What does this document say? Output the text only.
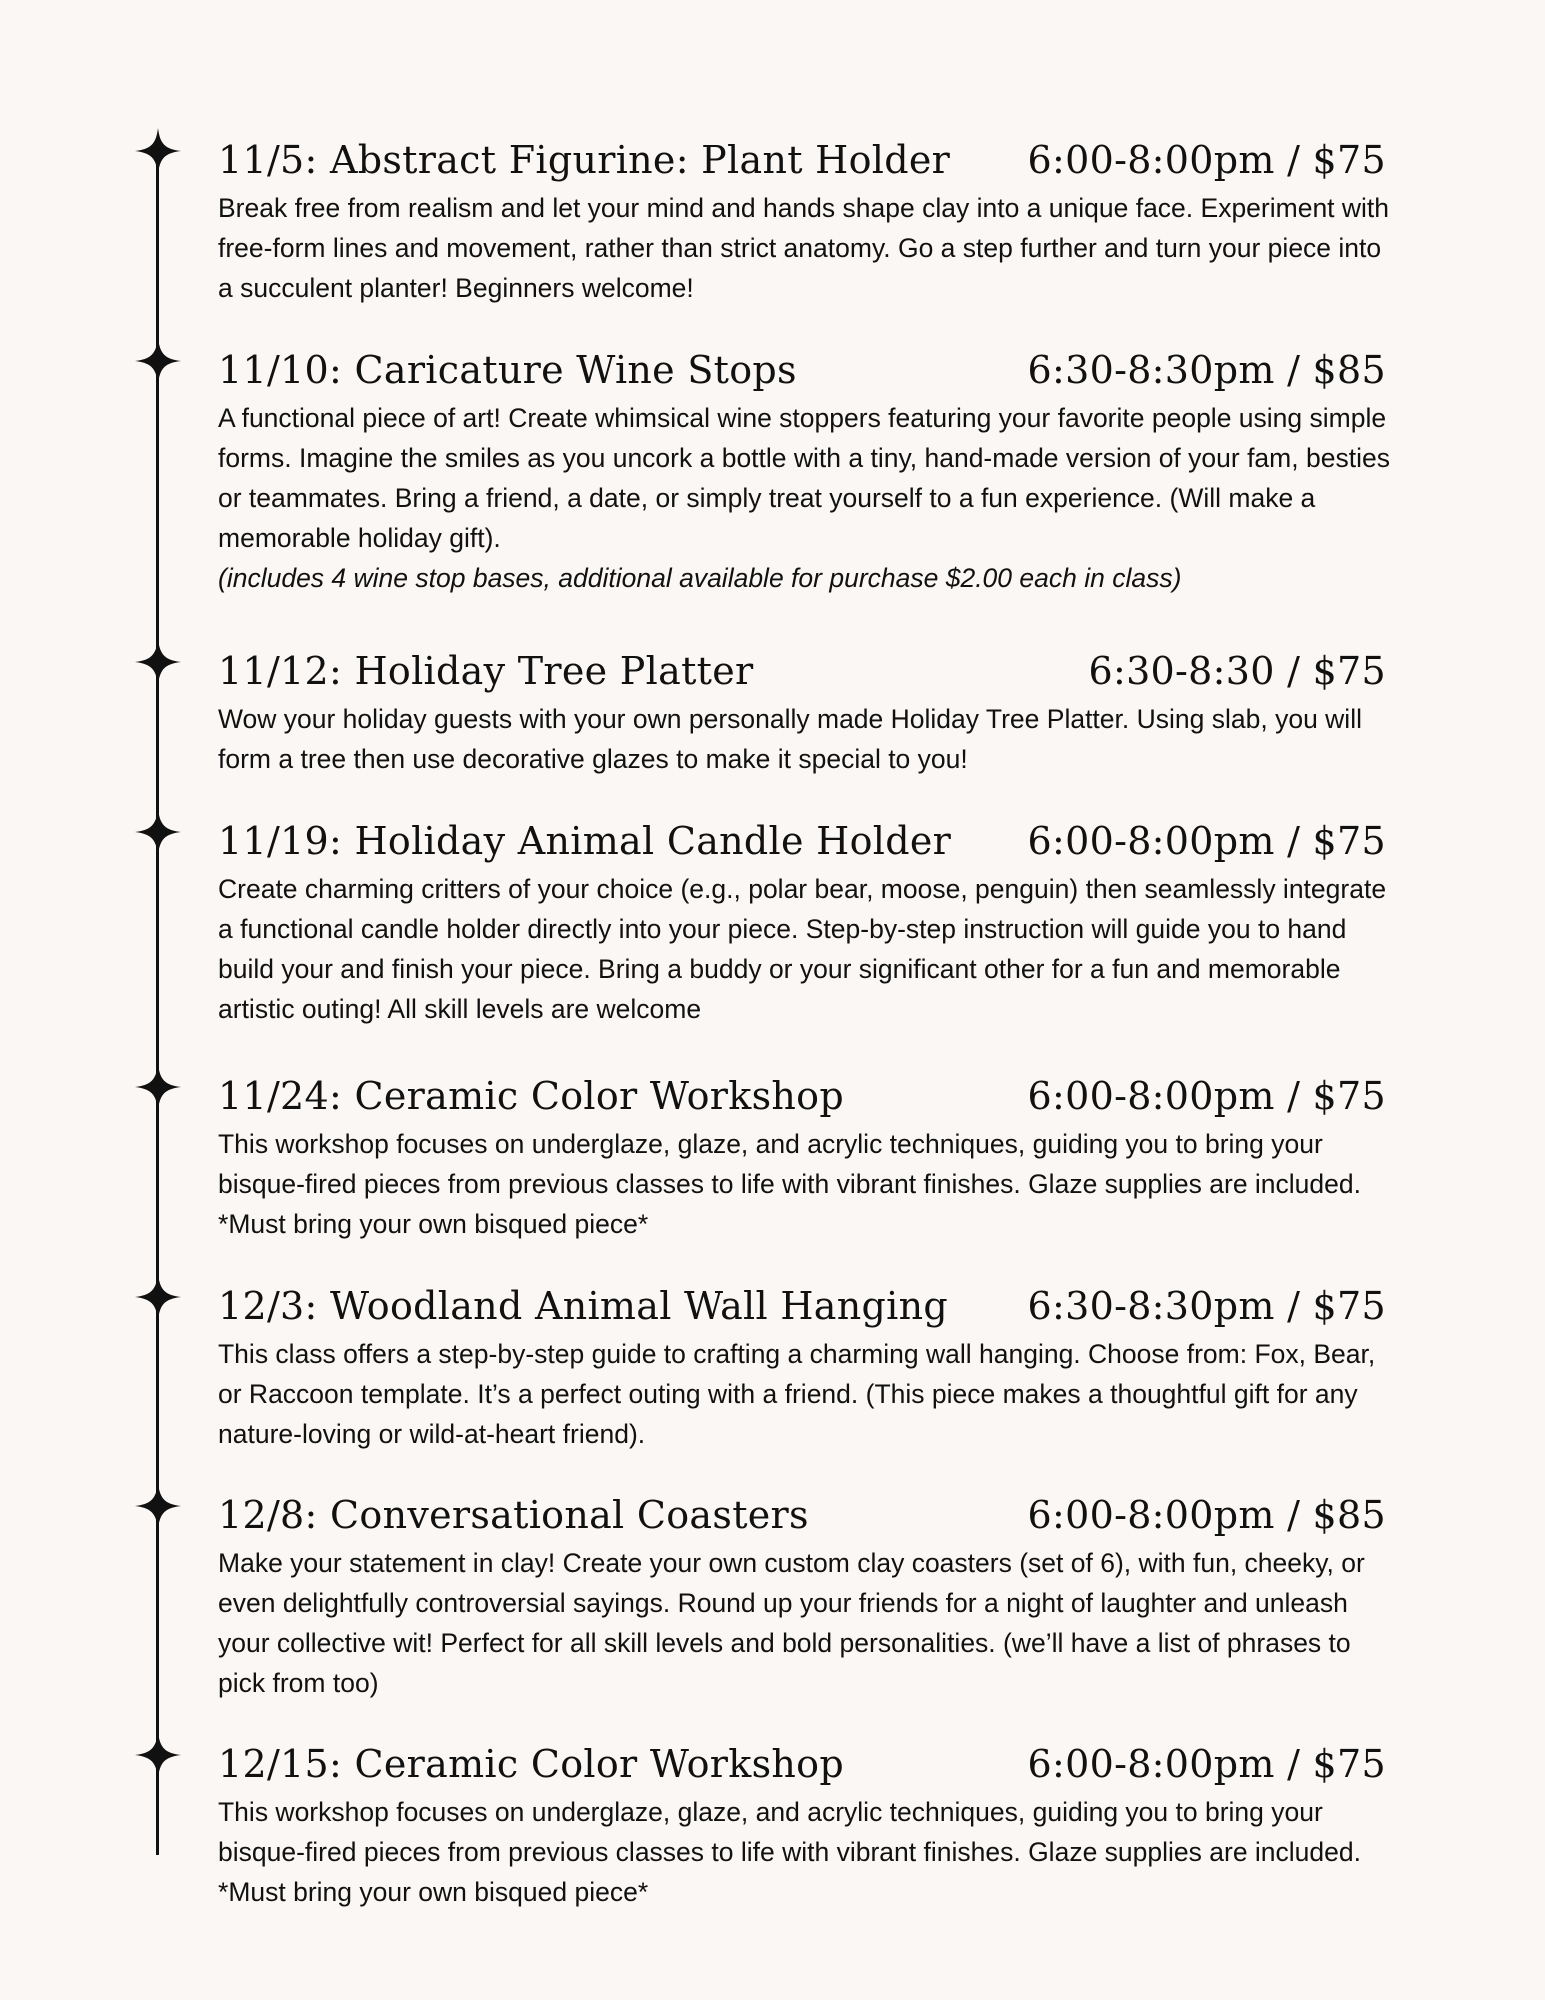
11/5: Abstract Figurine: Plant Holder 6:00-8:00pm / $75
Break free from realism and let your mind and hands shape clay into a unique face. Experiment with free-form lines and movement, rather than strict anatomy. Go a step further and turn your piece into a succulent planter! Beginners welcome!
11/10: Caricature Wine Stops	6:30-8:30pm / $85
A functional piece of art! Create whimsical wine stoppers featuring your favorite people using simple forms. Imagine the smiles as you uncork a bottle with a tiny, hand-made version of your fam, besties or teammates. Bring a friend, a date, or simply treat yourself to a fun experience. (Will make a memorable holiday gift).
(includes 4 wine stop bases, additional available for purchase $2.00 each in class)
11/12: Holiday Tree Platter	6:30-8:30 / $75
Wow your holiday guests with your own personally made Holiday Tree Platter. Using slab, you will form a tree then use decorative glazes to make it special to you!
11/19: Holiday Animal Candle Holder 6:00-8:00pm / $75
Create charming critters of your choice (e.g., polar bear, moose, penguin) then seamlessly integrate a functional candle holder directly into your piece. Step-by-step instruction will guide you to hand build your and finish your piece. Bring a buddy or your significant other for a fun and memorable artistic outing! All skill levels are welcome
11/24: Ceramic Color Workshop	6:00-8:00pm / $75
This workshop focuses on underglaze, glaze, and acrylic techniques, guiding you to bring your bisque-fired pieces from previous classes to life with vibrant finishes. Glaze supplies are included. *Must bring your own bisqued piece*
12/3: Woodland Animal Wall Hanging 6:30-8:30pm / $75
This class offers a step-by-step guide to crafting a charming wall hanging. Choose from: Fox, Bear, or Raccoon template. It’s a perfect outing with a friend. (This piece makes a thoughtful gift for any nature-loving or wild-at-heart friend).
12/8: Conversational Coasters	6:00-8:00pm / $85
Make your statement in clay! Create your own custom clay coasters (set of 6), with fun, cheeky, or even delightfully controversial sayings. Round up your friends for a night of laughter and unleash your collective wit! Perfect for all skill levels and bold personalities. (we’ll have a list of phrases to pick from too)
12/15: Ceramic Color Workshop	6:00-8:00pm / $75
This workshop focuses on underglaze, glaze, and acrylic techniques, guiding you to bring your bisque-fired pieces from previous classes to life with vibrant finishes. Glaze supplies are included. *Must bring your own bisqued piece*
